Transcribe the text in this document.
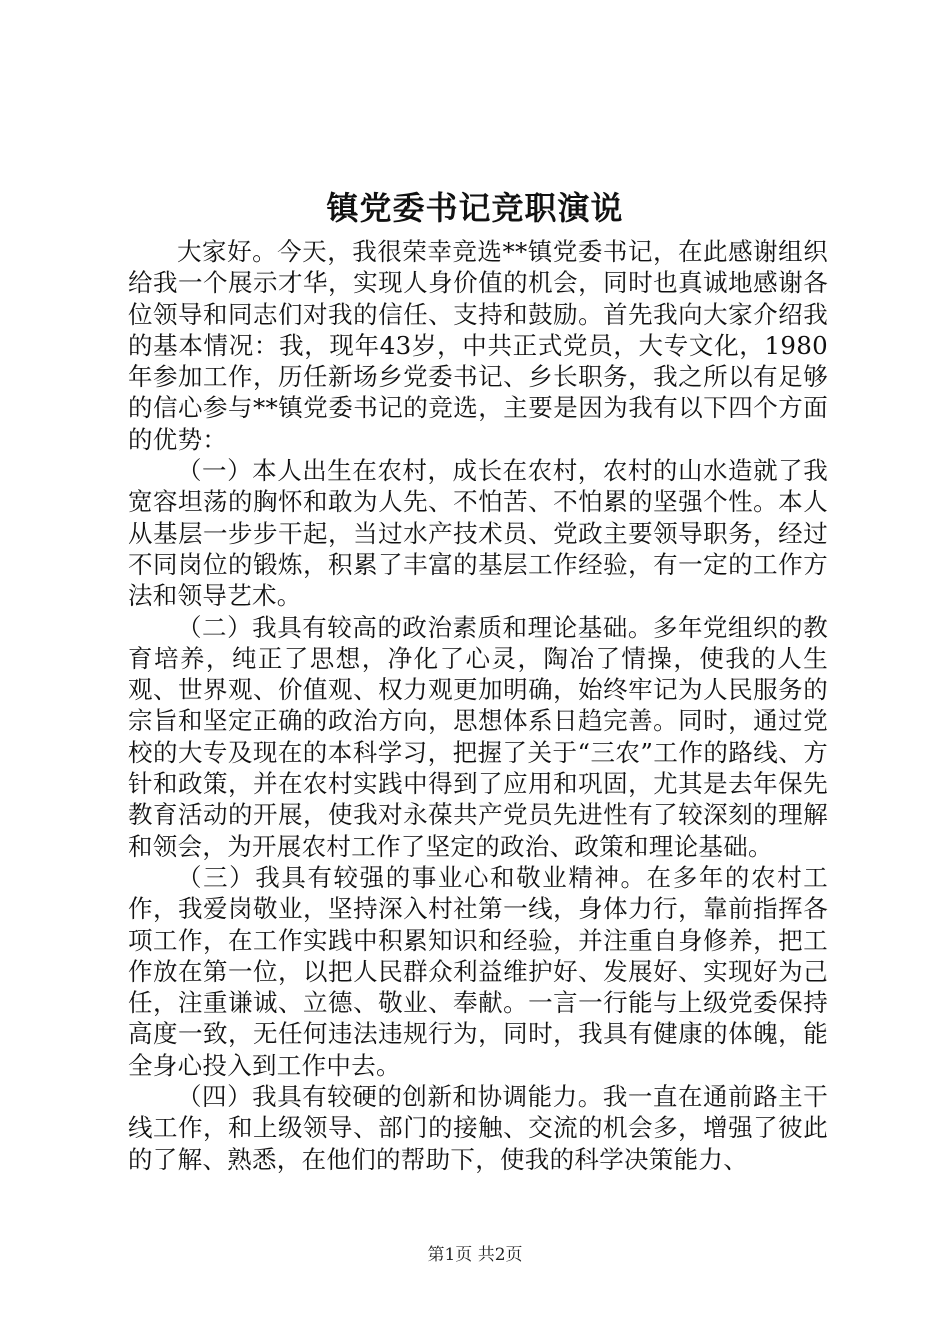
镇党委书记竞职演说

大家好。今天，我很荣幸竞选**镇党委书记，在此感谢组织给我一个展示才华，实现人身价值的机会，同时也真诚地感谢各位领导和同志们对我的信任、支持和鼓励。首先我向大家介绍我的基本情况：我，现年43岁，中共正式党员，大专文化，1980年参加工作，历任新场乡党委书记、乡长职务，我之所以有足够的信心参与**镇党委书记的竞选，主要是因为我有以下四个方面的优势：

（一）本人出生在农村，成长在农村，农村的山水造就了我宽容坦荡的胸怀和敢为人先、不怕苦、不怕累的坚强个性。本人从基层一步步干起，当过水产技术员、党政主要领导职务，经过不同岗位的锻炼，积累了丰富的基层工作经验，有一定的工作方法和领导艺术。

（二）我具有较高的政治素质和理论基础。多年党组织的教育培养，纯正了思想，净化了心灵，陶冶了情操，使我的人生观、世界观、价值观、权力观更加明确，始终牢记为人民服务的宗旨和坚定正确的政治方向，思想体系日趋完善。同时，通过党校的大专及现在的本科学习，把握了关于“三农”工作的路线、方针和政策，并在农村实践中得到了应用和巩固，尤其是去年保先教育活动的开展，使我对永葆共产党员先进性有了较深刻的理解和领会，为开展农村工作了坚定的政治、政策和理论基础。

（三）我具有较强的事业心和敬业精神。在多年的农村工作，我爱岗敬业，坚持深入村社第一线，身体力行，靠前指挥各项工作，在工作实践中积累知识和经验，并注重自身修养，把工作放在第一位，以把人民群众利益维护好、发展好、实现好为己任，注重谦诚、立德、敬业、奉献。一言一行能与上级党委保持高度一致，无任何违法违规行为，同时，我具有健康的体魄，能全身心投入到工作中去。

（四）我具有较硬的创新和协调能力。我一直在通前路主干线工作，和上级领导、部门的接触、交流的机会多，增强了彼此的了解、熟悉，在他们的帮助下，使我的科学决策能力、

第1页 共2页
